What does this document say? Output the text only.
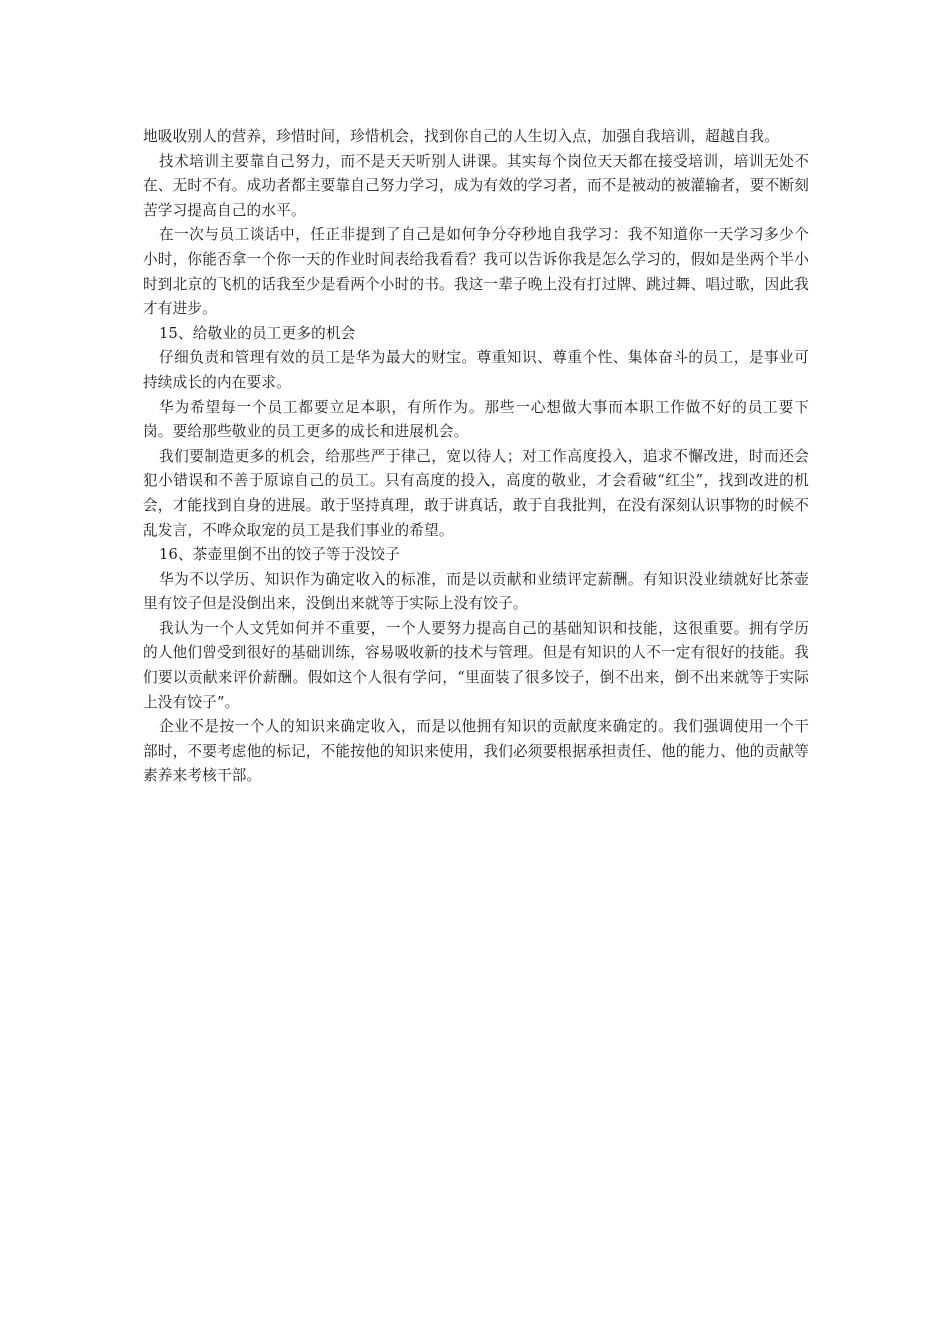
地吸收别人的营养，珍惜时间，珍惜机会，找到你自己的人生切入点，加强自我培训，超越自我。

技术培训主要靠自己努力，而不是天天听别人讲课。其实每个岗位天天都在接受培训，培训无处不在、无时不有。成功者都主要靠自己努力学习，成为有效的学习者，而不是被动的被灌输者，要不断刻苦学习提高自己的水平。

在一次与员工谈话中，任正非提到了自己是如何争分夺秒地自我学习：我不知道你一天学习多少个小时，你能否拿一个你一天的作业时间表给我看看？我可以告诉你我是怎么学习的，假如是坐两个半小时到北京的飞机的话我至少是看两个小时的书。我这一辈子晚上没有打过牌、跳过舞、唱过歌，因此我才有进步。

15、给敬业的员工更多的机会

仔细负责和管理有效的员工是华为最大的财宝。尊重知识、尊重个性、集体奋斗的员工，是事业可持续成长的内在要求。

华为希望每一个员工都要立足本职，有所作为。那些一心想做大事而本职工作做不好的员工要下岗。要给那些敬业的员工更多的成长和进展机会。

我们要制造更多的机会，给那些严于律己，宽以待人；对工作高度投入，追求不懈改进，时而还会犯小错误和不善于原谅自己的员工。只有高度的投入，高度的敬业，才会看破“红尘”，找到改进的机会，才能找到自身的进展。敢于坚持真理，敢于讲真话，敢于自我批判，在没有深刻认识事物的时候不乱发言，不哗众取宠的员工是我们事业的希望。

16、茶壶里倒不出的饺子等于没饺子

华为不以学历、知识作为确定收入的标准，而是以贡献和业绩评定薪酬。有知识没业绩就好比茶壶里有饺子但是没倒出来，没倒出来就等于实际上没有饺子。

我认为一个人文凭如何并不重要，一个人要努力提高自己的基础知识和技能，这很重要。拥有学历的人他们曾受到很好的基础训练，容易吸收新的技术与管理。但是有知识的人不一定有很好的技能。我们要以贡献来评价薪酬。假如这个人很有学问，“里面装了很多饺子，倒不出来，倒不出来就等于实际上没有饺子”。

企业不是按一个人的知识来确定收入，而是以他拥有知识的贡献度来确定的。我们强调使用一个干部时，不要考虑他的标记，不能按他的知识来使用，我们必须要根据承担责任、他的能力、他的贡献等素养来考核干部。
